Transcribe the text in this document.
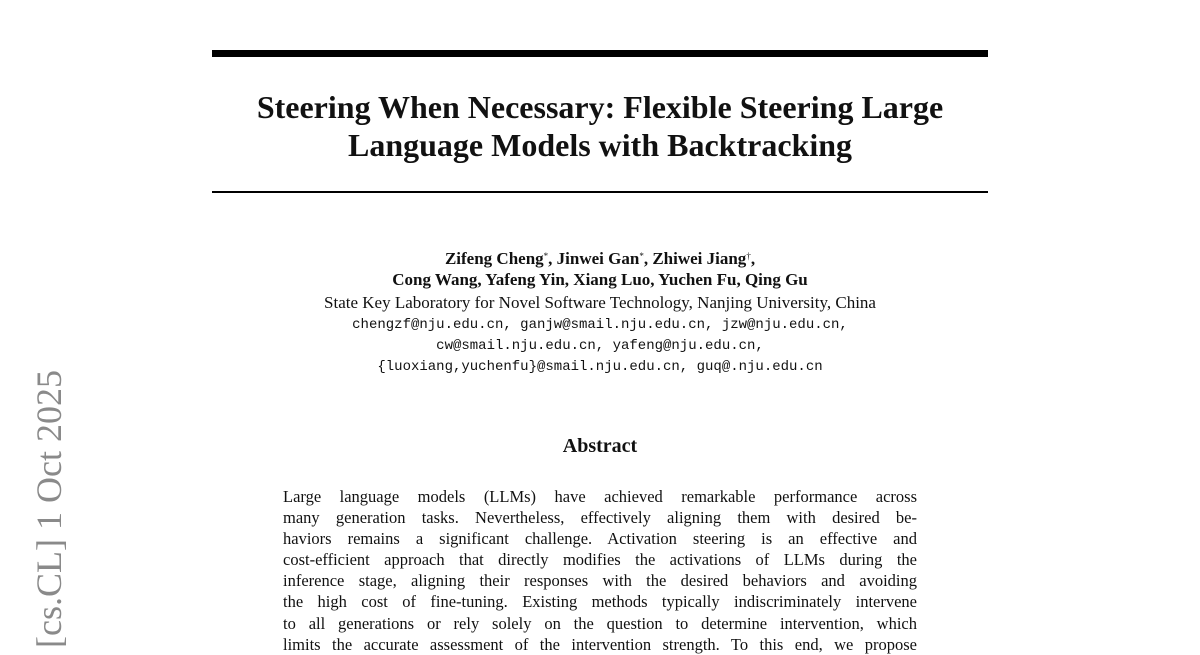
Steering When Necessary: Flexible Steering Large
Language Models with Backtracking
Zifeng Cheng*, Jinwei Gan*, Zhiwei Jiang†,
Cong Wang, Yafeng Yin, Xiang Luo, Yuchen Fu, Qing Gu
State Key Laboratory for Novel Software Technology, Nanjing University, China
chengzf@nju.edu.cn, ganjw@smail.nju.edu.cn, jzw@nju.edu.cn,
cw@smail.nju.edu.cn, yafeng@nju.edu.cn,
{luoxiang,yuchenfu}@smail.nju.edu.cn, guq@.nju.edu.cn
Abstract
Large language models (LLMs) have achieved remarkable performance across
many generation tasks. Nevertheless, effectively aligning them with desired be-
haviors remains a significant challenge. Activation steering is an effective and
cost-efficient approach that directly modifies the activations of LLMs during the
inference stage, aligning their responses with the desired behaviors and avoiding
the high cost of fine-tuning. Existing methods typically indiscriminately intervene
to all generations or rely solely on the question to determine intervention, which
limits the accurate assessment of the intervention strength. To this end, we propose
[cs.CL] 1 Oct 2025
